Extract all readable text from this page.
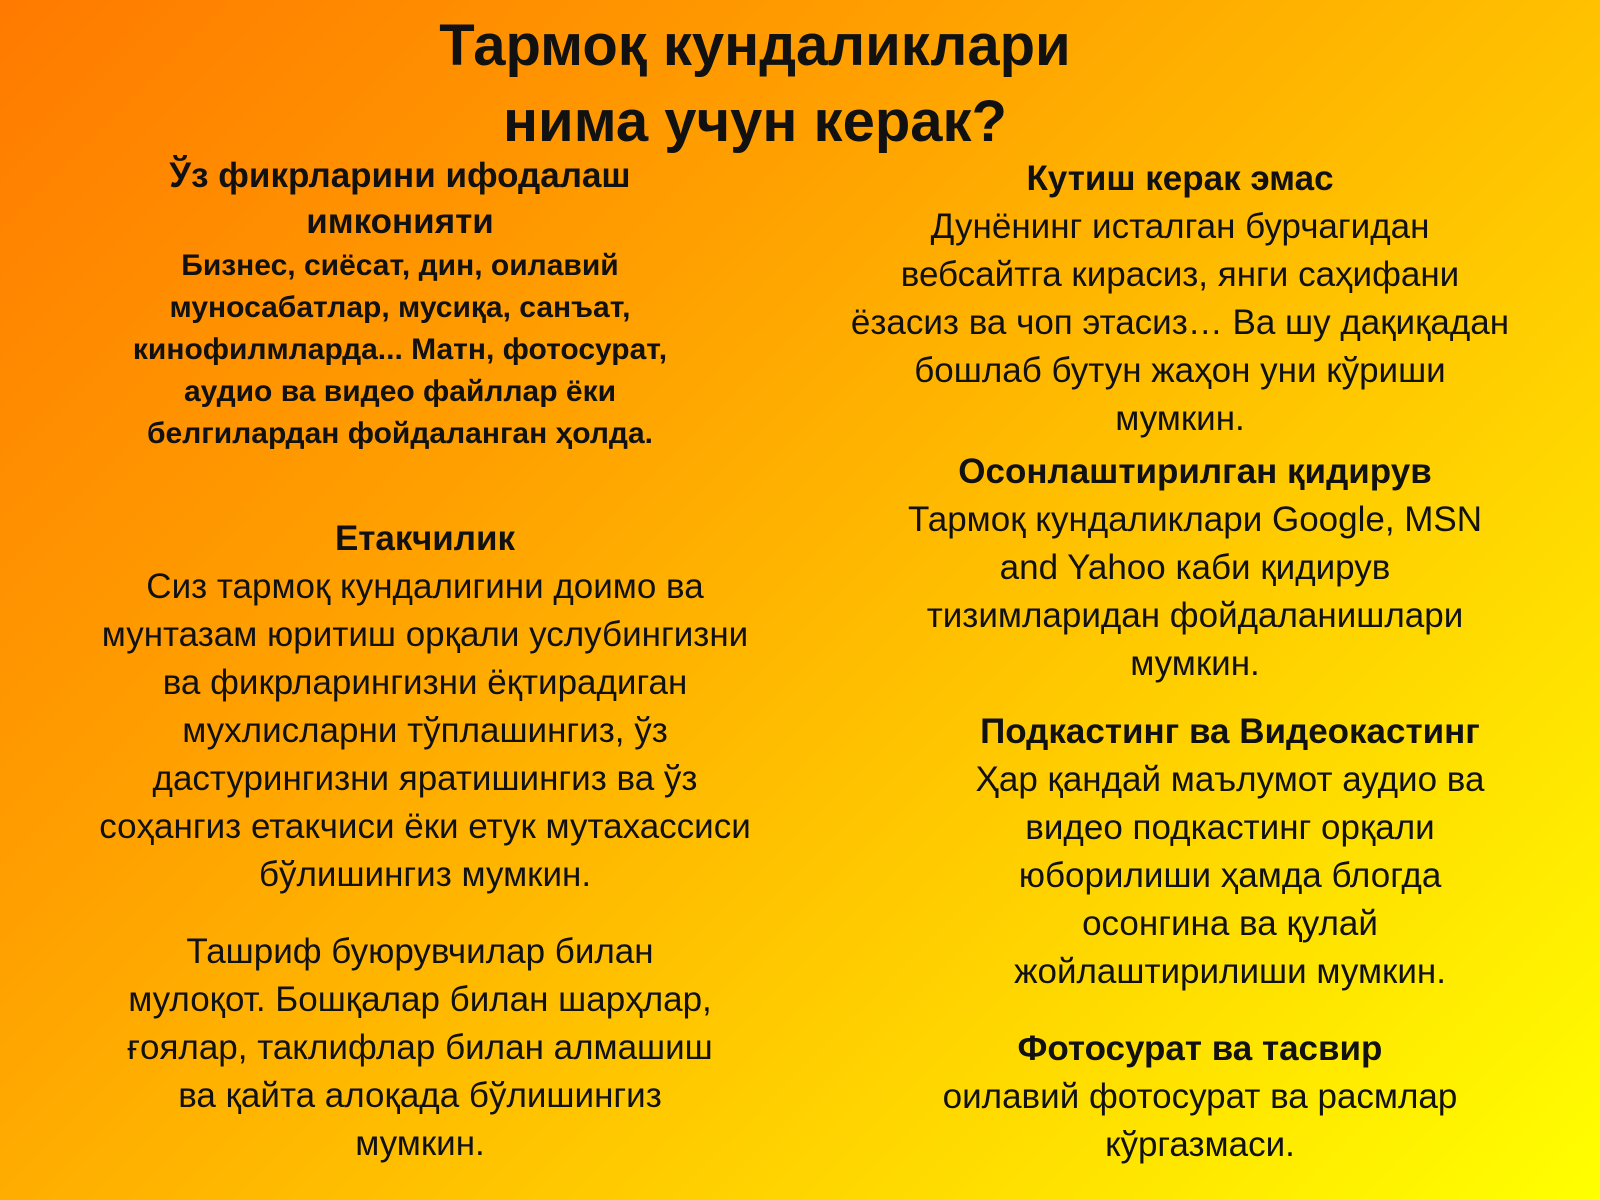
Тармоқ кундаликлари
нима учун керак?
Ўз фикрларини ифодалаш
имконияти
Бизнес, сиёсат, дин, оилавий
муносабатлар, мусиқа, санъат,
кинофилмларда... Матн, фотосурат,
аудио ва видео файллар ёки
белгилардан фойдаланган ҳолда.
Етакчилик
Сиз тармоқ кундалигини доимо ва
мунтазам юритиш орқали услубингизни
ва фикрларингизни ёқтирадиган
мухлисларни тўплашингиз, ўз
дастурингизни яратишингиз ва ўз
соҳангиз етакчиси ёки етук мутахассиси
бўлишингиз мумкин.
Ташриф буюрувчилар билан
мулоқот. Бошқалар билан шарҳлар,
ғоялар, таклифлар билан алмашиш
ва қайта алоқада бўлишингиз
мумкин.
Кутиш керак эмас
Дунёнинг исталган бурчагидан
вебсайтга кирасиз, янги саҳифани
ёзасиз ва чоп этасиз… Ва шу дақиқадан
бошлаб бутун жаҳон уни кўриши
мумкин.
Осонлаштирилган қидирув
Тармоқ кундаликлари Google, MSN
and Yahoo каби қидирув
тизимларидан фойдаланишлари
мумкин.
Подкастинг ва Видеокастинг
Ҳар қандай маълумот аудио ва
видео подкастинг орқали
юборилиши ҳамда блогда
осонгина ва қулай
жойлаштирилиши мумкин.
Фотосурат ва тасвир
оилавий фотосурат ва расмлар
кўргазмаси.
